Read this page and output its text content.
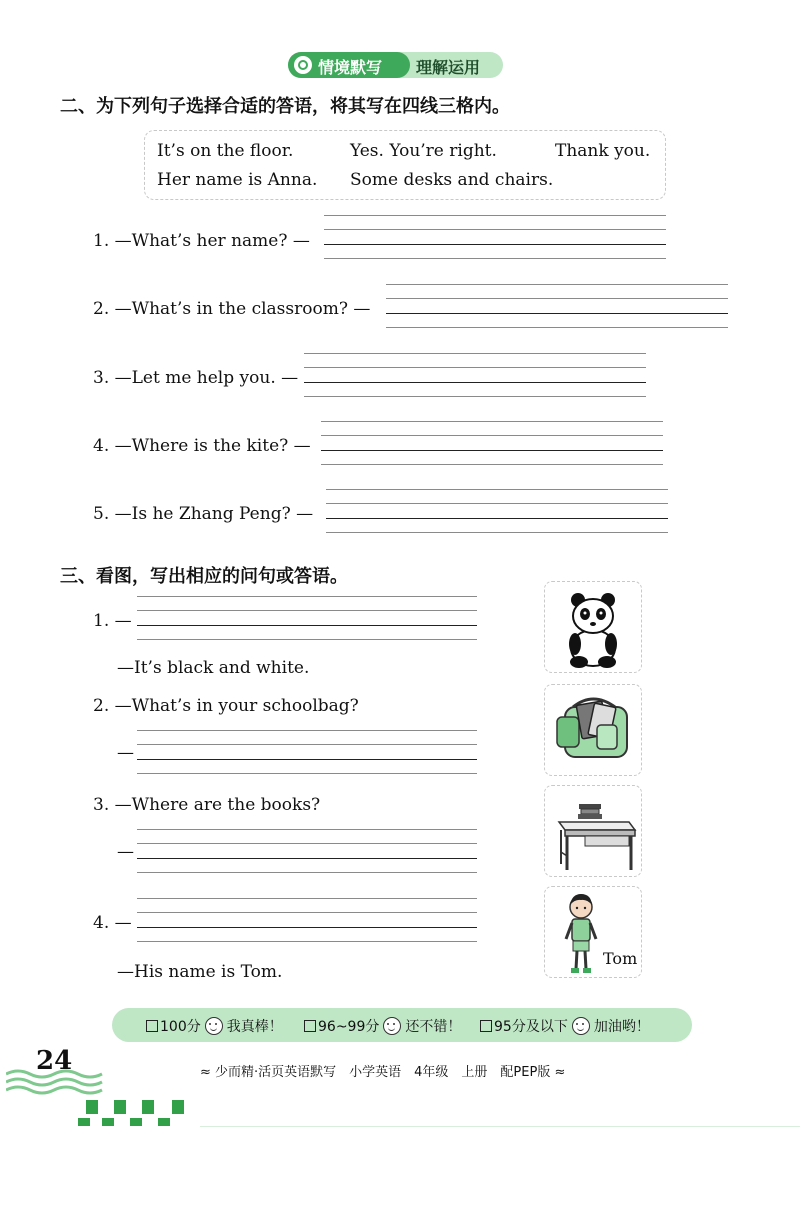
情境默写 理解运用
二、为下列句子选择合适的答语，将其写在四线三格内。
It’s on the floor.	Yes. You’re right.	Thank you.
Her name is Anna. Some desks and chairs.
1. —What’s her name? —
2. —What’s in the classroom? —
3. —Let me help you. —
4. —Where is the kite? —
5. —Is he Zhang Peng? —
三、看图，写出相应的问句或答语。
1. —
—It’s black and white.
2. —What’s in your schoolbag?
—
3. —Where are the books?
—
4. —
—His name is Tom.
Tom
100分 我真棒！	96~99分 还不错！	95分及以下 加油哟！
24	≈ 少而精·活页英语默写　小学英语　4年级　上册　配PEP版 ≈
